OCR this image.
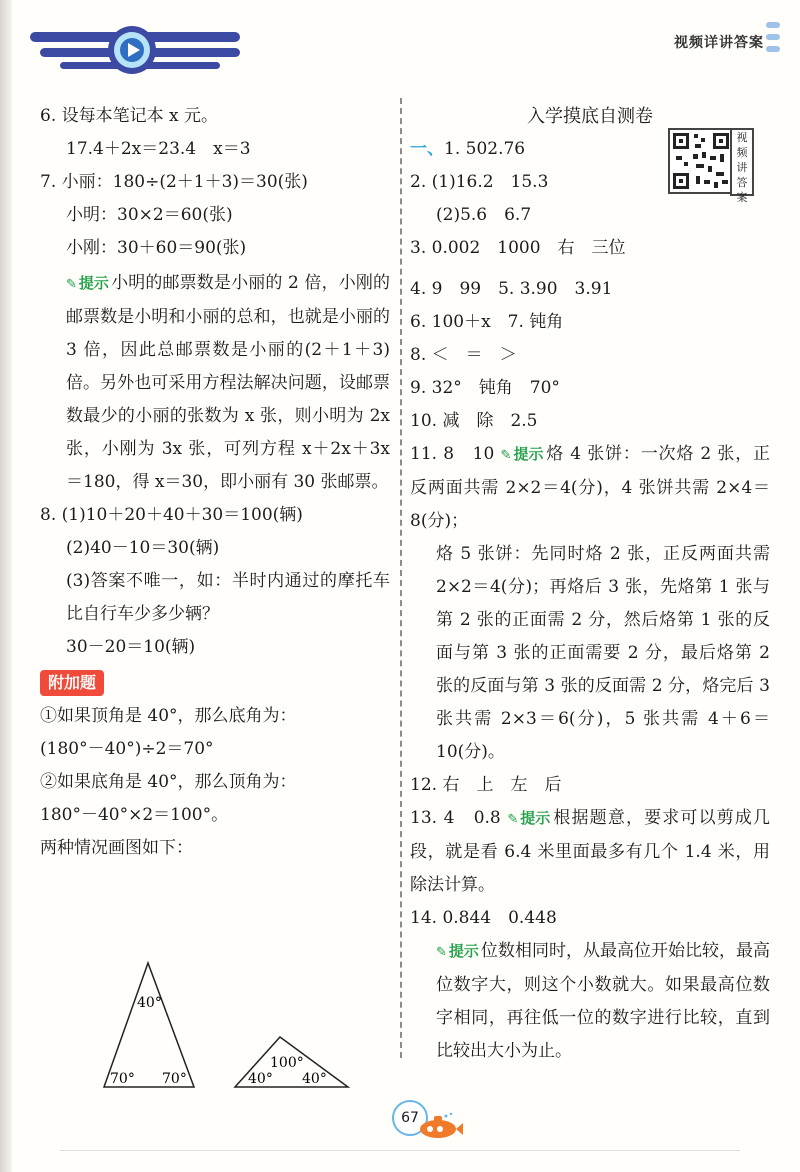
视频详讲答案
6. 设每本笔记本 x 元。
17.4＋2x＝23.4　x＝3
7. 小丽：180÷(2＋1＋3)＝30(张)
小明：30×2＝60(张)
小刚：30＋60＝90(张)
✎ 提示 小明的邮票数是小丽的 2 倍，小刚的邮票数是小明和小丽的总和，也就是小丽的 3 倍，因此总邮票数是小丽的(2＋1＋3)倍。另外也可采用方程法解决问题，设邮票数最少的小丽的张数为 x 张，则小明为 2x 张，小刚为 3x 张，可列方程 x＋2x＋3x＝180，得 x＝30，即小丽有 30 张邮票。
8. (1)10＋20＋40＋30＝100(辆)
(2)40－10＝30(辆)
(3)答案不唯一，如：半时内通过的摩托车比自行车少多少辆？
30－20＝10(辆)
附加题
①如果顶角是 40°，那么底角为：
(180°－40°)÷2＝70°
②如果底角是 40°，那么顶角为：
180°－40°×2＝100°。
两种情况画图如下：
40°
70° 70°
100°
40° 40°
入学摸底自测卷
一、1. 502.76
2. (1)16.2　15.3
(2)5.6　6.7
3. 0.002　1000　右　三位
4. 9　99　5. 3.90　3.91
6. 100＋x　7. 钝角
8. ＜　＝　＞
9. 32°　钝角　70°
10. 减　除　2.5
11. 8　10 ✎ 提示 烙 4 张饼：一次烙 2 张，正反两面共需 2×2＝4(分)，4 张饼共需 2×4＝8(分)；
烙 5 张饼：先同时烙 2 张，正反两面共需 2×2＝4(分)；再烙后 3 张，先烙第 1 张与第 2 张的正面需 2 分，然后烙第 1 张的反面与第 3 张的正面需要 2 分，最后烙第 2 张的反面与第 3 张的反面需 2 分，烙完后 3 张共需 2×3＝6(分)，5 张共需 4＋6＝10(分)。
12. 右　上　左　后
13. 4　0.8 ✎ 提示 根据题意，要求可以剪成几段，就是看 6.4 米里面最多有几个 1.4 米，用除法计算。
14. 0.844　0.448
✎ 提示 位数相同时，从最高位开始比较，最高位数字大，则这个小数就大。如果最高位数字相同，再往低一位的数字进行比较，直到比较出大小为止。
视频讲答案
67
